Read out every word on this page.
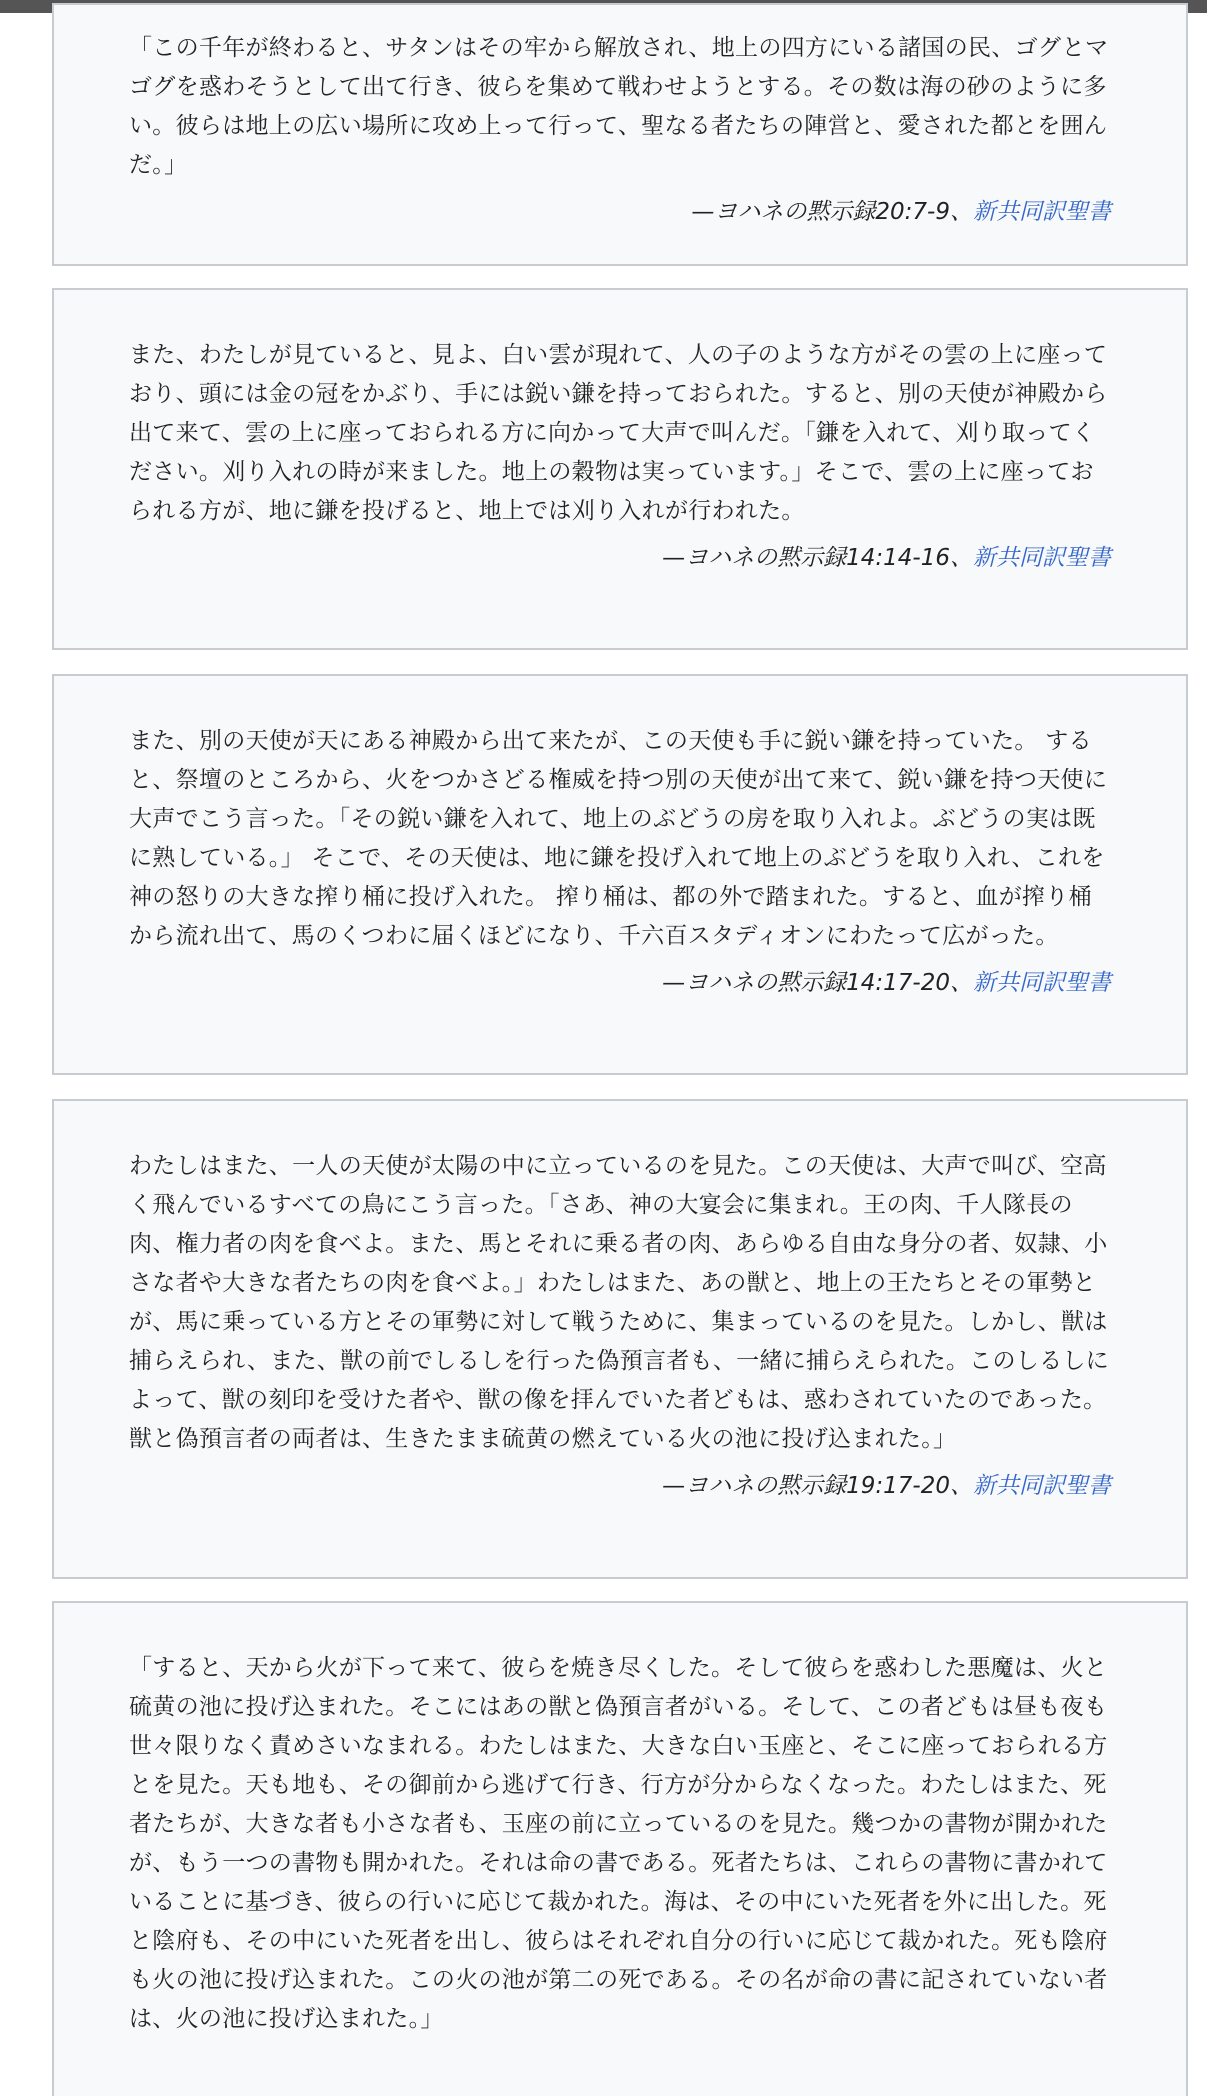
「この千年が終わると、サタンはその牢から解放され、地上の四方にいる諸国の民、ゴグとマゴグを惑わそうとして出て行き、彼らを集めて戦わせようとする。その数は海の砂のように多い。彼らは地上の広い場所に攻め上って行って、聖なる者たちの陣営と、愛された都とを囲んだ。」

—ヨハネの黙示録20:7-9、新共同訳聖書

また、わたしが見ていると、見よ、白い雲が現れて、人の子のような方がその雲の上に座っており、頭には金の冠をかぶり、手には鋭い鎌を持っておられた。すると、別の天使が神殿から出て来て、雲の上に座っておられる方に向かって大声で叫んだ。「鎌を入れて、刈り取ってください。刈り入れの時が来ました。地上の穀物は実っています。」そこで、雲の上に座っておられる方が、地に鎌を投げると、地上では刈り入れが行われた。

—ヨハネの黙示録14:14-16、新共同訳聖書

また、別の天使が天にある神殿から出て来たが、この天使も手に鋭い鎌を持っていた。 すると、祭壇のところから、火をつかさどる権威を持つ別の天使が出て来て、鋭い鎌を持つ天使に大声でこう言った。「その鋭い鎌を入れて、地上のぶどうの房を取り入れよ。ぶどうの実は既に熟している。」 そこで、その天使は、地に鎌を投げ入れて地上のぶどうを取り入れ、これを神の怒りの大きな搾り桶に投げ入れた。 搾り桶は、都の外で踏まれた。すると、血が搾り桶から流れ出て、馬のくつわに届くほどになり、千六百スタディオンにわたって広がった。

—ヨハネの黙示録14:17-20、新共同訳聖書

わたしはまた、一人の天使が太陽の中に立っているのを見た。この天使は、大声で叫び、空高く飛んでいるすべての鳥にこう言った。「さあ、神の大宴会に集まれ。王の肉、千人隊長の肉、権力者の肉を食べよ。また、馬とそれに乗る者の肉、あらゆる自由な身分の者、奴隷、小さな者や大きな者たちの肉を食べよ。」わたしはまた、あの獣と、地上の王たちとその軍勢とが、馬に乗っている方とその軍勢に対して戦うために、集まっているのを見た。しかし、獣は捕らえられ、また、獣の前でしるしを行った偽預言者も、一緒に捕らえられた。このしるしによって、獣の刻印を受けた者や、獣の像を拝んでいた者どもは、惑わされていたのであった。獣と偽預言者の両者は、生きたまま硫黄の燃えている火の池に投げ込まれた。」

—ヨハネの黙示録19:17-20、新共同訳聖書

「すると、天から火が下って来て、彼らを焼き尽くした。そして彼らを惑わした悪魔は、火と硫黄の池に投げ込まれた。そこにはあの獣と偽預言者がいる。そして、この者どもは昼も夜も世々限りなく責めさいなまれる。わたしはまた、大きな白い玉座と、そこに座っておられる方とを見た。天も地も、その御前から逃げて行き、行方が分からなくなった。わたしはまた、死者たちが、大きな者も小さな者も、玉座の前に立っているのを見た。幾つかの書物が開かれたが、もう一つの書物も開かれた。それは命の書である。死者たちは、これらの書物に書かれていることに基づき、彼らの行いに応じて裁かれた。海は、その中にいた死者を外に出した。死と陰府も、その中にいた死者を出し、彼らはそれぞれ自分の行いに応じて裁かれた。死も陰府も火の池に投げ込まれた。この火の池が第二の死である。その名が命の書に記されていない者は、火の池に投げ込まれた。」
